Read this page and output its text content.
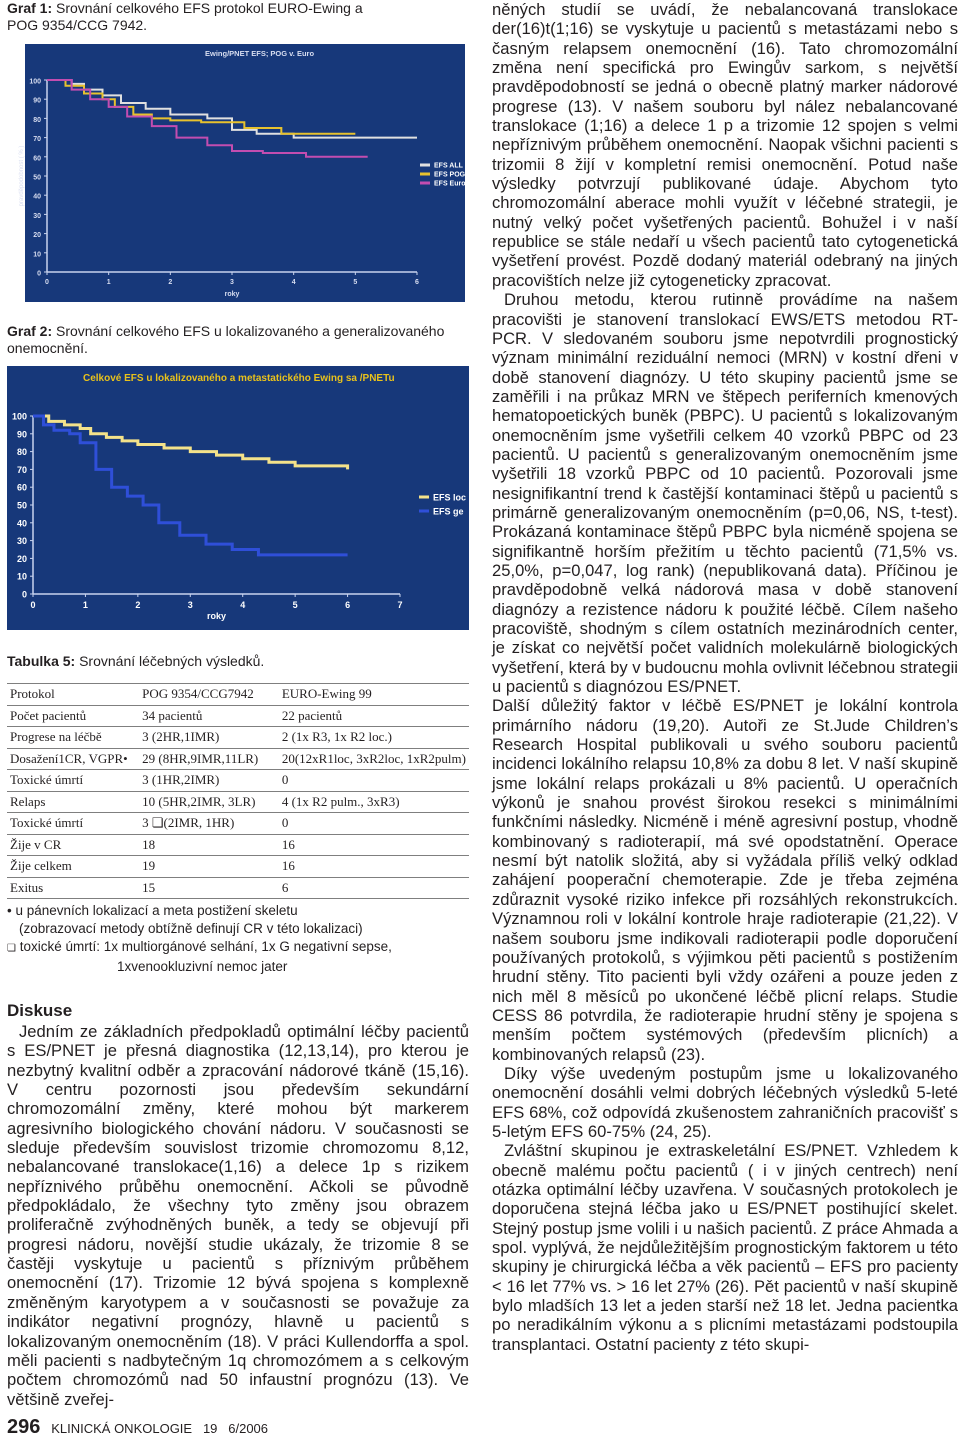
Graf 1: Srovnání celkového EFS protokol EURO-Ewing a POG 9354/CCG 7942.
Ewing/PNET EFS; POG v. Euro
0
10
20
30
40
50
60
70
80
90
100
0	1	2	3	4	5	6
roky
pravděpodobnost ( % )	EFS ALL
EFS POG
EFS Euro
Graf 2: Srovnání celkového EFS u lokalizovaného a generalizovaného onemocnění.
Celkové EFS u lokalizovaného a metastatického Ewing sa /PNETu
0
10
20
30
40
50
60
70
80
90
100
0	1	2	3	4	5	6	7
roky
EFS loc
EFS ge
Tabulka 5: Srovnání léčebných výsledků.
Protokol	POG 9354/CCG7942	EURO-Ewing 99
Počet pacientů	34 pacientů	22 pacientů
Progrese na léčbě	3 (2HR,1IMR)	2 (1x R3, 1x R2 loc.)
Dosažení1CR, VGPR•	29 (8HR,9IMR,11LR)	20(12xR1loc, 3xR2loc, 1xR2pulm)
Toxické úmrtí	3 (1HR,2IMR)	0
Relaps	10 (5HR,2IMR, 3LR)	4 (1x R2 pulm., 3xR3)
Toxické úmrtí	3 ❏(2IMR, 1HR)	0
Žije v CR	18	16
Žije celkem	19	16
Exitus	15	6
• u pánevních lokalizací a meta postižení skeletu
(zobrazovací metody obtížně definují CR v této lokalizaci)
❏ toxické úmrtí: 1x multiorgánové selhání, 1x G negativní sepse,
1xvenookluzivní nemoc jater
Diskuse

Jedním ze základních předpokladů optimální léčby pacientů s ES/PNET je přesná diagnostika (12,13,14), pro kterou je nezbytný kvalitní odběr a zpracování nádorové tkáně (15,16). V centru pozornosti jsou především sekundární chromozomální změny, které mohou být markerem agresivního biologického chování nádoru. V současnosti se sleduje především souvislost trizomie chromozomu 8,12, nebalancované translokace(1,16) a delece 1p s rizikem nepříznivého průběhu onemocnění. Ačkoli se původně předpokládalo, že všechny tyto změny jsou obrazem proliferačně zvýhodněných buněk, a tedy se objevují při progresi nádoru, novější studie ukázaly, že trizomie 8 se častěji vyskytuje u pacientů s příznivým průběhem onemocnění (17). Trizomie 12 bývá spojena s komplexně změněným karyotypem a v současnosti se považuje za indikátor negativní prognózy, hlavně u pacientů s lokalizovaným onemocněním (18). V práci Kullendorffa a spol. měli pacienti s nadbytečným 1q chromozómem a s celkovým počtem chromozómů nad 50 infaustní prognózu (13). Ve většině zveřej-

něných studií se uvádí, že nebalancovaná translokace der(16)t(1;16) se vyskytuje u pacientů s metastázami nebo s časným relapsem onemocnění (16). Tato chromozomální změna není specifická pro Ewingův sarkom, s největší pravděpodobností se jedná o obecně platný marker nádorové progrese (13). V našem souboru byl nález nebalancované translokace (1;16) a delece 1 p a trizomie 12 spojen s velmi nepříznivým průběhem onemocnění. Naopak všichni pacienti s trizomii 8 žijí v kompletní remisi onemocnění. Potud naše výsledky potvrzují publikované údaje. Abychom tyto chromozomální aberace mohli využít v léčebné strategii, je nutný velký počet vyšetřených pacientů. Bohužel i v naší republice se stále nedaří u všech pacientů tato cytogenetická vyšetření provést. Pozdě dodaný materiál odebraný na jiných pracovištích nelze již cytogeneticky zpracovat.

Druhou metodu, kterou rutinně provádíme na našem pracovišti je stanovení translokací EWS/ETS metodou RT-PCR. V sledovaném souboru jsme nepotvrdili prognostický význam minimální reziduální nemoci (MRN) v kostní dřeni v době stanovení diagnózy. U této skupiny pacientů jsme se zaměřili i na průkaz MRN ve štěpech periferních kmenových hematopoetických buněk (PBPC). U pacientů s lokalizovaným onemocněním jsme vyšetřili celkem 40 vzorků PBPC od 23 pacientů. U pacientů s generalizovaným onemocněním jsme vyšetřili 18 vzorků PBPC od 10 pacientů. Pozorovali jsme nesignifikantní trend k častější kontaminaci štěpů u pacientů s primárně generalizovaným onemocněním (p=0,06, NS, t-test). Prokázaná kontaminace štěpů PBPC byla nicméně spojena se signifikantně horším přežitím u těchto pacientů (71,5% vs. 25,0%, p=0,047, log rank) (nepublikovaná data). Příčinou je pravděpodobně velká nádorová masa v době stanovení diagnózy a rezistence nádoru k použité léčbě. Cílem našeho pracoviště, shodným s cílem ostatních mezinárodních center, je získat co největší počet validních molekulárně biologických vyšetření, která by v budoucnu mohla ovlivnit léčebnou strategii u pacientů s diagnózou ES/PNET.

Další důležitý faktor v léčbě ES/PNET je lokální kontrola primárního nádoru (19,20). Autoři ze St.Jude Children’s Research Hospital publikovali u svého souboru pacientů incidenci lokálního relapsu 10,8% za dobu 8 let. V naší skupině jsme lokální relaps prokázali u 8% pacientů. U operačních výkonů je snahou provést širokou resekci s minimálními funkčními následky. Nicméně i méně agresivní postup, vhodně kombinovaný s radioterapií, má své opodstatnění. Operace nesmí být natolik složitá, aby si vyžádala příliš velký odklad zahájení pooperační chemoterapie. Zde je třeba zejména zdůraznit vysoké riziko infekce při rozsáhlých rekonstrukcích. Významnou roli v lokální kontrole hraje radioterapie (21,22). V našem souboru jsme indikovali radioterapii podle doporučení používaných protokolů, s výjimkou pěti pacientů s postižením hrudní stěny. Tito pacienti byli vždy ozářeni a pouze jeden z nich měl 8 měsíců po ukončené léčbě plicní relaps. Studie CESS 86 potvrdila, že radioterapie hrudní stěny je spojena s menším počtem systémových (především plicních) a kombinovaných relapsů (23).

Díky výše uvedeným postupům jsme u lokalizovaného onemocnění dosáhli velmi dobrých léčebných výsledků 5-leté EFS 68%, což odpovídá zkušenostem zahraničních pracovišť s 5-letým EFS 60-75% (24, 25).

Zvláštní skupinou je extraskeletální ES/PNET. Vzhledem k obecně malému počtu pacientů ( i v jiných centrech) není otázka optimální léčby uzavřena. V současných protokolech je doporučena stejná léčba jako u ES/PNET postihující skelet. Stejný postup jsme volili i u našich pacientů. Z práce Ahmada a spol. vyplývá, že nejdůležitějším prognostickým faktorem u této skupiny je chirurgická léčba a věk pacientů – EFS pro pacienty < 16 let 77% vs. > 16 let 27% (26). Pět pacientů v naší skupině bylo mladších 13 let a jeden starší než 18 let. Jedna pacientka po neradikálním výkonu a s plicními metastázami podstoupila transplantaci. Ostatní pacienty z této skupi-

296 KLINICKÁ ONKOLOGIE 19 6/2006
